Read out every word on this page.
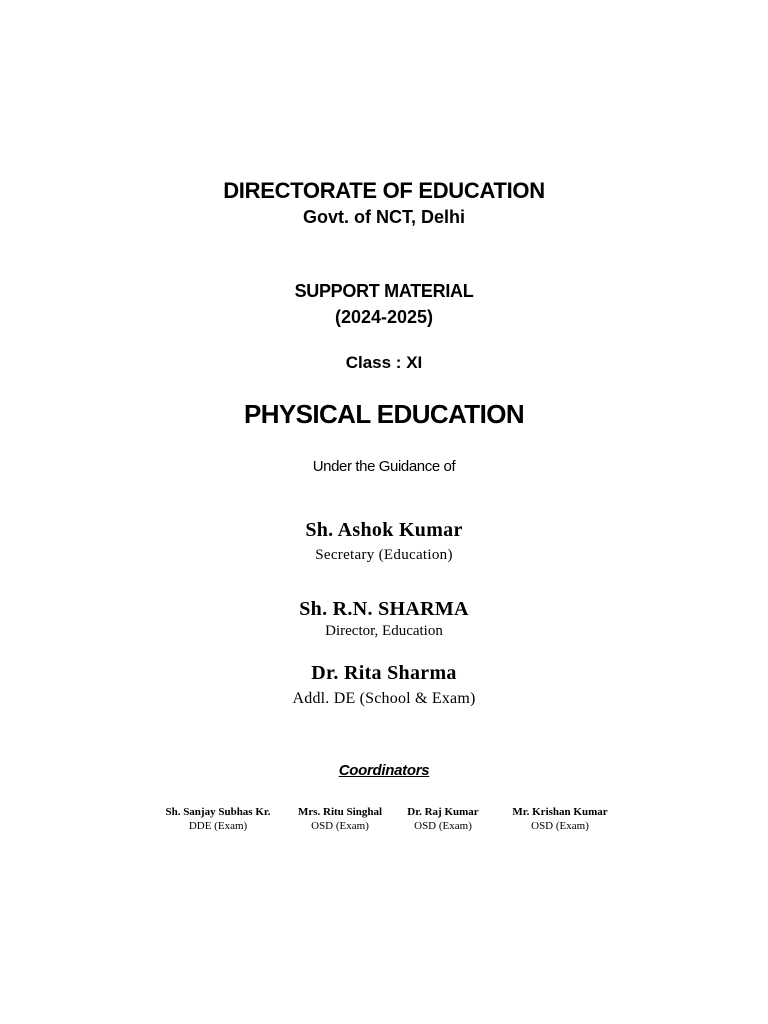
DIRECTORATE OF EDUCATION
Govt. of NCT, Delhi
SUPPORT MATERIAL
(2024-2025)
Class : XI
PHYSICAL EDUCATION
Under the Guidance of
Sh. Ashok Kumar
Secretary (Education)
Sh. R.N. SHARMA
Director, Education
Dr. Rita Sharma
Addl. DE (School & Exam)
Coordinators
Sh. Sanjay Subhas Kr.
DDE (Exam)
Mrs. Ritu Singhal
OSD (Exam)
Dr. Raj Kumar
OSD (Exam)
Mr. Krishan Kumar
OSD (Exam)
